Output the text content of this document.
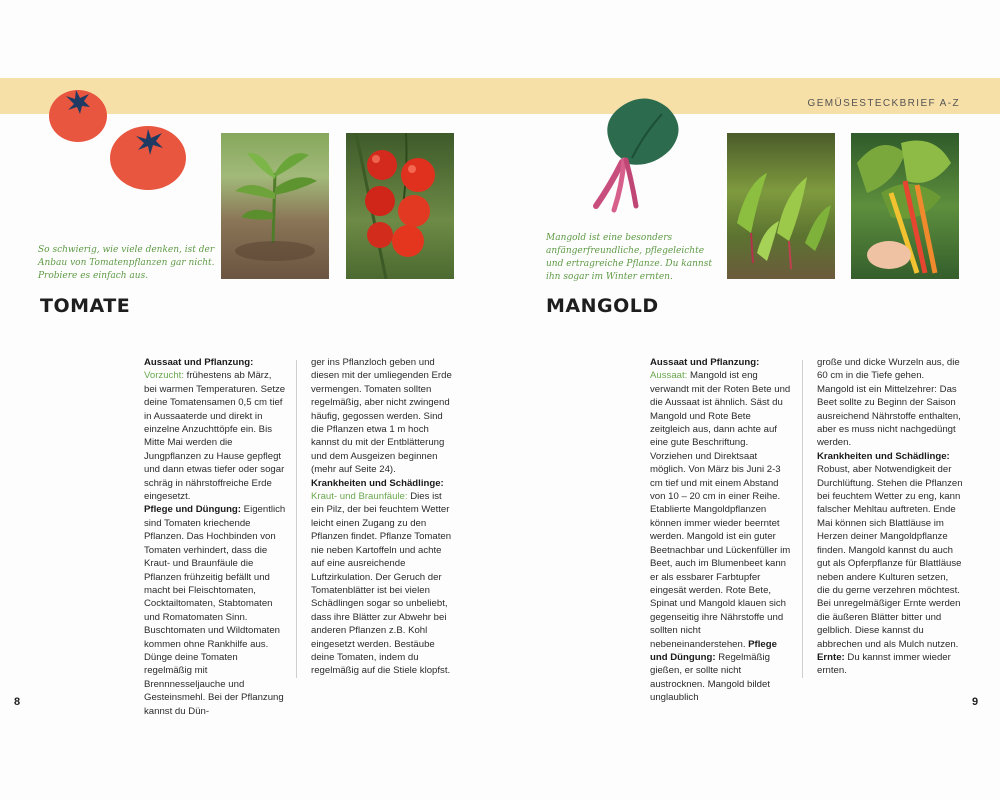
GEMÜSESTECKBRIEF A-Z
So schwierig, wie viele denken, ist der Anbau von Tomatenpflanzen gar nicht. Probiere es einfach aus.
TOMATE

Aussaat und Pflanzung:

Vorzucht: frühestens ab März, bei warmen Temperaturen. Setze deine Tomatensamen 0,5 cm tief in Aussaaterde und direkt in einzelne Anzuchttöpfe ein. Bis Mitte Mai werden die Jungpflanzen zu Hause gepflegt und dann etwas tiefer oder sogar schräg in nährstoffreiche Erde eingesetzt.

Pflege und Düngung: Eigentlich sind Tomaten kriechende Pflanzen. Das Hochbinden von Tomaten verhindert, dass die Kraut- und Braunfäule die Pflanzen frühzeitig befällt und macht bei Fleischtomaten, Cocktailtomaten, Stabtomaten und Romatomaten Sinn. Buschtomaten und Wildtomaten kommen ohne Rankhilfe aus. Dünge deine Tomaten regelmäßig mit Brennnesseljauche und Gesteinsmehl. Bei der Pflanzung kannst du Dün-

ger ins Pflanzloch geben und diesen mit der umliegenden Erde vermengen. Tomaten sollten regelmäßig, aber nicht zwingend häufig, gegossen werden. Sind die Pflanzen etwa 1 m hoch kannst du mit der Entblätterung und dem Ausgeizen beginnen (mehr auf Seite 24).

Krankheiten und Schädlinge:

Kraut- und Braunfäule: Dies ist ein Pilz, der bei feuchtem Wetter leicht einen Zugang zu den Pflanzen findet. Pflanze Tomaten nie neben Kartoffeln und achte auf eine ausreichende Luftzirkulation. Der Geruch der Tomatenblätter ist bei vielen Schädlingen sogar so unbeliebt, dass ihre Blätter zur Abwehr bei anderen Pflanzen z.B. Kohl eingesetzt werden. Bestäube deine Tomaten, indem du regelmäßig auf die Stiele klopfst.

8
Mangold ist eine besonders anfängerfreundliche, pflegeleichte und ertragreiche Pflanze. Du kannst ihn sogar im Winter ernten.
MANGOLD

Aussaat und Pflanzung:

Aussaat: Mangold ist eng verwandt mit der Roten Bete und die Aussaat ist ähnlich. Säst du Mangold und Rote Bete zeitgleich aus, dann achte auf eine gute Beschriftung. Vorziehen und Direktsaat möglich. Von März bis Juni 2-3 cm tief und mit einem Abstand von 10 – 20 cm in einer Reihe. Etablierte Mangoldpflanzen können immer wieder beerntet werden. Mangold ist ein guter Beetnachbar und Lückenfüller im Beet, auch im Blumenbeet kann er als essbarer Farbtupfer eingesät werden. Rote Bete, Spinat und Mangold klauen sich gegenseitig ihre Nährstoffe und sollten nicht nebeneinanderstehen. Pflege und Düngung: Regelmäßig gießen, er sollte nicht austrocknen. Mangold bildet unglaublich

große und dicke Wurzeln aus, die 60 cm in die Tiefe gehen. Mangold ist ein Mittelzehrer: Das Beet sollte zu Beginn der Saison ausreichend Nährstoffe enthalten, aber es muss nicht nachgedüngt werden.

Krankheiten und Schädlinge: Robust, aber Notwendigkeit der Durchlüftung. Stehen die Pflanzen bei feuchtem Wetter zu eng, kann falscher Mehltau auftreten. Ende Mai können sich Blattläuse im Herzen deiner Mangoldpflanze finden. Mangold kannst du auch gut als Opferpflanze für Blattläuse neben andere Kulturen setzen, die du gerne verzehren möchtest. Bei unregelmäßiger Ernte werden die äußeren Blätter bitter und gelblich. Diese kannst du abbrechen und als Mulch nutzen. Ernte: Du kannst immer wieder ernten.

9
